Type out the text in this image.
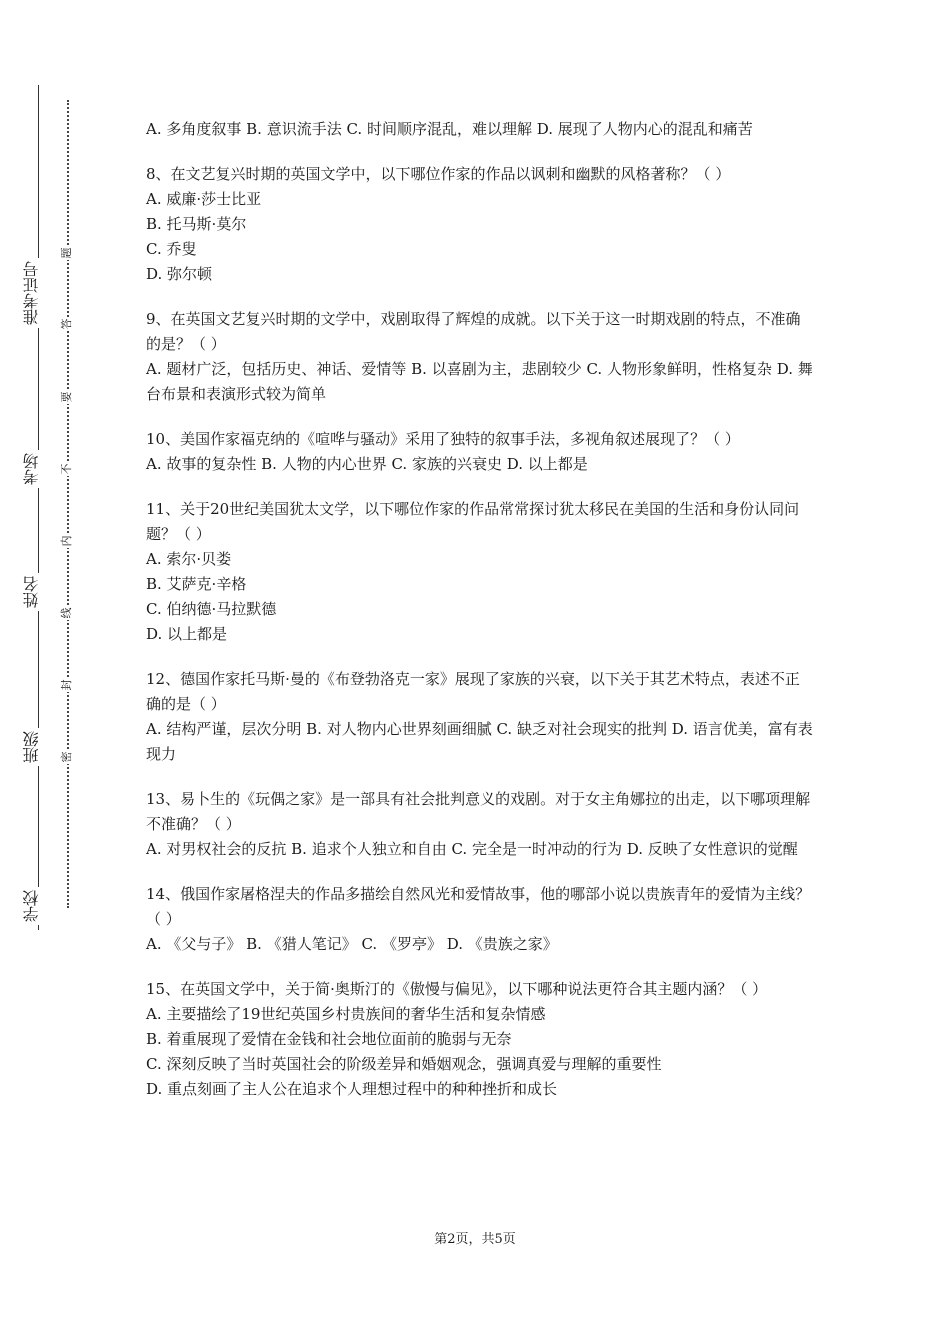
准考证号
考场
姓名
班级
学校
题
答
要
不
内
线
封
密

A. 多角度叙事 B. 意识流手法 C. 时间顺序混乱，难以理解 D. 展现了人物内心的混乱和痛苦

8、在文艺复兴时期的英国文学中，以下哪位作家的作品以讽刺和幽默的风格著称？（ ）

A. 威廉·莎士比亚

B. 托马斯·莫尔

C. 乔叟

D. 弥尔顿

9、在英国文艺复兴时期的文学中，戏剧取得了辉煌的成就。以下关于这一时期戏剧的特点，不准确的是？（ ）

A. 题材广泛，包括历史、神话、爱情等 B. 以喜剧为主，悲剧较少 C. 人物形象鲜明，性格复杂 D. 舞台布景和表演形式较为简单

10、美国作家福克纳的《喧哗与骚动》采用了独特的叙事手法，多视角叙述展现了？（ ）

A. 故事的复杂性 B. 人物的内心世界 C. 家族的兴衰史 D. 以上都是

11、关于20世纪美国犹太文学，以下哪位作家的作品常常探讨犹太移民在美国的生活和身份认同问题？（ ）

A. 索尔·贝娄

B. 艾萨克·辛格

C. 伯纳德·马拉默德

D. 以上都是

12、德国作家托马斯·曼的《布登勃洛克一家》展现了家族的兴衰，以下关于其艺术特点，表述不正确的是（ ）

A. 结构严谨，层次分明 B. 对人物内心世界刻画细腻 C. 缺乏对社会现实的批判 D. 语言优美，富有表现力

13、易卜生的《玩偶之家》是一部具有社会批判意义的戏剧。对于女主角娜拉的出走，以下哪项理解不准确？（ ）

A. 对男权社会的反抗 B. 追求个人独立和自由 C. 完全是一时冲动的行为 D. 反映了女性意识的觉醒

14、俄国作家屠格涅夫的作品多描绘自然风光和爱情故事，他的哪部小说以贵族青年的爱情为主线？（ ）

A. 《父与子》 B. 《猎人笔记》 C. 《罗亭》 D. 《贵族之家》

15、在英国文学中，关于简·奥斯汀的《傲慢与偏见》，以下哪种说法更符合其主题内涵？（ ）

A. 主要描绘了19世纪英国乡村贵族间的奢华生活和复杂情感

B. 着重展现了爱情在金钱和社会地位面前的脆弱与无奈

C. 深刻反映了当时英国社会的阶级差异和婚姻观念，强调真爱与理解的重要性

D. 重点刻画了主人公在追求个人理想过程中的种种挫折和成长

第2页，共5页
